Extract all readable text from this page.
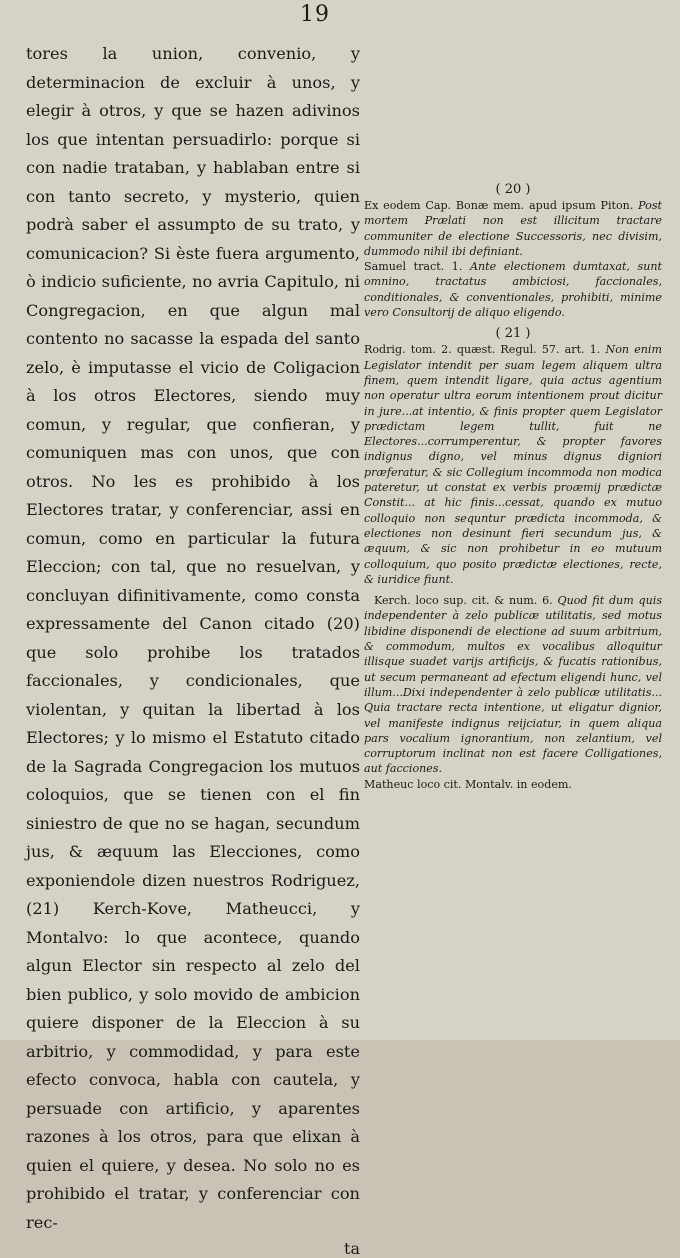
19

tores la union, convenio, y determinacion de excluir à unos, y elegir à otros, y que se hazen adivinos los que intentan persuadirlo: porque si con nadie trataban, y hablaban entre si con tanto secreto, y mysterio, quien podrà saber el assumpto de su trato, y comunicacion? Si èste fuera argumento, ò indicio suficiente, no avria Capitulo, ni Congregacion, en que algun mal contento no sacasse la espada del santo zelo, è imputasse el vicio de Coligacion à los otros Electores, siendo muy comun, y regular, que confieran, y comuniquen mas con unos, que con otros. No les es prohibido à los Electores tratar, y conferenciar, assi en comun, como en particular la futura Eleccion; con tal, que no resuelvan, y concluyan difinitivamente, como consta expressamente del Canon citado (20) que solo prohibe los tratados faccionales, y condicionales, que violentan, y quitan la libertad à los Electores; y lo mismo el Estatuto citado de la Sagrada Congregacion los mutuos coloquios, que se tienen con el fin siniestro de que no se hagan, secundum jus, & æquum las Elecciones, como exponiendole dizen nuestros Rodriguez, (21) Kerch-Kove, Matheucci, y Montalvo: lo que acontece, quando algun Elector sin respecto al zelo del bien publico, y solo movido de ambicion quiere disponer de la Eleccion à su arbitrio, y commodidad, y para este efecto convoca, habla con cautela, y persuade con artificio, y aparentes razones à los otros, para que elixan à quien el quiere, y desea. No solo no es prohibido el tratar, y conferenciar con rec-

ta
( 20 )

Ex eodem Cap. Bonæ mem. apud ipsum Piton. Post mortem Prælati non est illicitum tractare communiter de electione Successoris, nec divisim, dummodo nihil ibi definiant.

Samuel tract. 1. Ante electionem dumtaxat, sunt omnino, tractatus ambiciosi, faccionales, conditionales, & conventionales, prohibiti, minime vero Consultorij de aliquo eligendo.

( 21 )

Rodrig. tom. 2. quæst. Regul. 57. art. 1. Non enim Legislator intendit per suam legem aliquem ultra finem, quem intendit ligare, quia actus agentium non operatur ultra eorum intentionem prout dicitur in jure...at intentio, & finis propter quem Legislator prædictam legem tullit, fuit ne Electores...corrumperentur, & propter favores indignus digno, vel minus dignus digniori præferatur, & sic Collegium incommoda non modica pateretur, ut constat ex verbis proæmij prædictæ Constit... at hic finis...cessat, quando ex mutuo colloquio non sequntur prædicta incommoda, & electiones non desinunt fieri secundum jus, & æquum, & sic non prohibetur in eo mutuum colloquium, quo posito prædictæ electiones, recte, & iuridice fiunt.

Kerch. loco sup. cit. & num. 6. Quod fit dum quis independenter à zelo publicæ utilitatis, sed motus libidine disponendi de electione ad suum arbitrium, & commodum, multos ex vocalibus alloquitur illisque suadet varijs artificijs, & fucatis rationibus, ut secum permaneant ad efectum eligendi hunc, vel illum...Dixi independenter à zelo publicæ utilitatis... Quia tractare recta intentione, ut eligatur dignior, vel manifeste indignus reijciatur, in quem aliqua pars vocalium ignorantium, non zelantium, vel corruptorum inclinat non est facere Colligationes, aut facciones.

Matheuc loco cit. Montalv. in eodem.
